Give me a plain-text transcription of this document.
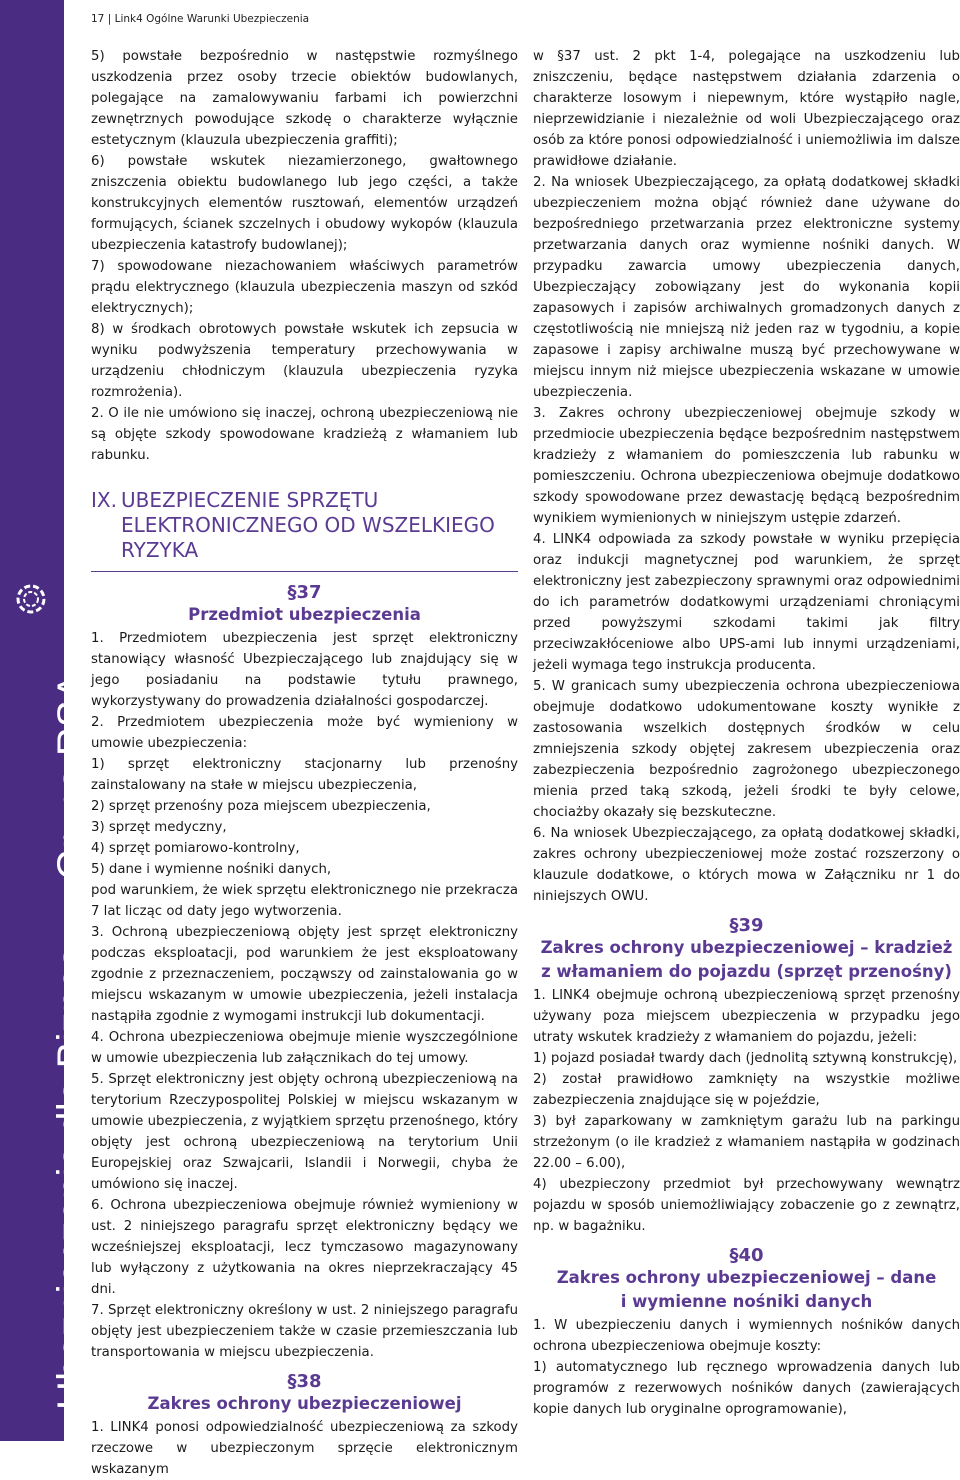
Ubezpieczenia dla Biznesu – Grupa RSA
17 | Link4 Ogólne Warunki Ubezpieczenia

5) powstałe bezpośrednio w następstwie rozmyślnego uszkodzenia przez osoby trzecie obiektów budowlanych, polegające na zamalowywaniu farbami ich powierzchni zewnętrznych powodujące szkodę o charakterze wyłącznie estetycznym (klauzula ubezpieczenia graffiti);

6) powstałe wskutek niezamierzonego, gwałtownego zniszczenia obiektu budowlanego lub jego części, a także konstrukcyjnych elementów rusztowań, elementów urządzeń formujących, ścianek szczelnych i obudowy wykopów (klauzula ubezpieczenia katastrofy budowlanej);

7) spowodowane niezachowaniem właściwych parametrów prądu elektrycznego (klauzula ubezpieczenia maszyn od szkód elektrycznych);

8) w środkach obrotowych powstałe wskutek ich zepsucia w wyniku podwyższenia temperatury przechowywania w urządzeniu chłodniczym (klauzula ubezpieczenia ryzyka rozmrożenia).

2. O ile nie umówiono się inaczej, ochroną ubezpieczeniową nie są objęte szkody spowodowane kradzieżą z włamaniem lub rabunku.

IX. UBEZPIECZENIE SPRZĘTU
ELEKTRONICZNEGO OD WSZELKIEGO
RYZYKA
§37
Przedmiot ubezpieczenia

1. Przedmiotem ubezpieczenia jest sprzęt elektroniczny stanowiący własność Ubezpieczającego lub znajdujący się w jego posiadaniu na podstawie tytułu prawnego, wykorzystywany do prowadzenia działalności gospodarczej.

2. Przedmiotem ubezpieczenia może być wymieniony w umowie ubezpieczenia:

1) sprzęt elektroniczny stacjonarny lub przenośny zainstalowany na stałe w miejscu ubezpieczenia,

2) sprzęt przenośny poza miejscem ubezpieczenia,

3) sprzęt medyczny,

4) sprzęt pomiarowo-kontrolny,

5) dane i wymienne nośniki danych,

pod warunkiem, że wiek sprzętu elektronicznego nie przekracza 7 lat licząc od daty jego wytworzenia.

3. Ochroną ubezpieczeniową objęty jest sprzęt elektroniczny podczas eksploatacji, pod warunkiem że jest eksploatowany zgodnie z przeznaczeniem, począwszy od zainstalowania go w miejscu wskazanym w umowie ubezpieczenia, jeżeli instalacja nastąpiła zgodnie z wymogami instrukcji lub dokumentacji.

4. Ochrona ubezpieczeniowa obejmuje mienie wyszczególnione w umowie ubezpieczenia lub załącznikach do tej umowy.

5. Sprzęt elektroniczny jest objęty ochroną ubezpieczeniową na terytorium Rzeczypospolitej Polskiej w miejscu wskazanym w umowie ubezpieczenia, z wyjątkiem sprzętu przenośnego, który objęty jest ochroną ubezpieczeniową na terytorium Unii Europejskiej oraz Szwajcarii, Islandii i Norwegii, chyba że umówiono się inaczej.

6. Ochrona ubezpieczeniowa obejmuje również wymieniony w ust. 2 niniejszego paragrafu sprzęt elektroniczny będący we wcześniejszej eksploatacji, lecz tymczasowo magazynowany lub wyłączony z użytkowania na okres nieprzekraczający 45 dni.

7. Sprzęt elektroniczny określony w ust. 2 niniejszego paragrafu objęty jest ubezpieczeniem także w czasie przemieszczania lub transportowania w miejscu ubezpieczenia.

§38
Zakres ochrony ubezpieczeniowej

1. LINK4 ponosi odpowiedzialność ubezpieczeniową za szkody rzeczowe w ubezpieczonym sprzęcie elektronicznym wskazanym

w §37 ust. 2 pkt 1-4, polegające na uszkodzeniu lub zniszczeniu, będące następstwem działania zdarzenia o charakterze losowym i niepewnym, które wystąpiło nagle, nieprzewidzianie i niezależnie od woli Ubezpieczającego oraz osób za które ponosi odpowiedzialność i uniemożliwia im dalsze prawidłowe działanie.

2. Na wniosek Ubezpieczającego, za opłatą dodatkowej składki ubezpieczeniem można objąć również dane używane do bezpośredniego przetwarzania przez elektroniczne systemy przetwarzania danych oraz wymienne nośniki danych. W przypadku zawarcia umowy ubezpieczenia danych, Ubezpieczający zobowiązany jest do wykonania kopii zapasowych i zapisów archiwalnych gromadzonych danych z częstotliwością nie mniejszą niż jeden raz w tygodniu, a kopie zapasowe i zapisy archiwalne muszą być przechowywane w miejscu innym niż miejsce ubezpieczenia wskazane w umowie ubezpieczenia.

3. Zakres ochrony ubezpieczeniowej obejmuje szkody w przedmiocie ubezpieczenia będące bezpośrednim następstwem kradzieży z włamaniem do pomieszczenia lub rabunku w pomieszczeniu. Ochrona ubezpieczeniowa obejmuje dodatkowo szkody spowodowane przez dewastację będącą bezpośrednim wynikiem wymienionych w niniejszym ustępie zdarzeń.

4. LINK4 odpowiada za szkody powstałe w wyniku przepięcia oraz indukcji magnetycznej pod warunkiem, że sprzęt elektroniczny jest zabezpieczony sprawnymi oraz odpowiednimi do ich parametrów dodatkowymi urządzeniami chroniącymi przed powyższymi szkodami takimi jak filtry przeciwzakłóceniowe albo UPS-ami lub innymi urządzeniami, jeżeli wymaga tego instrukcja producenta.

5. W granicach sumy ubezpieczenia ochrona ubezpieczeniowa obejmuje dodatkowo udokumentowane koszty wynikłe z zastosowania wszelkich dostępnych środków w celu zmniejszenia szkody objętej zakresem ubezpieczenia oraz zabezpieczenia bezpośrednio zagrożonego ubezpieczonego mienia przed taką szkodą, jeżeli środki te były celowe, chociażby okazały się bezskuteczne.

6. Na wniosek Ubezpieczającego, za opłatą dodatkowej składki, zakres ochrony ubezpieczeniowej może zostać rozszerzony o klauzule dodatkowe, o których mowa w Załączniku nr 1 do niniejszych OWU.

§39
Zakres ochrony ubezpieczeniowej – kradzież
z włamaniem do pojazdu (sprzęt przenośny)

1. LINK4 obejmuje ochroną ubezpieczeniową sprzęt przenośny używany poza miejscem ubezpieczenia w przypadku jego utraty wskutek kradzieży z włamaniem do pojazdu, jeżeli:

1) pojazd posiadał twardy dach (jednolitą sztywną konstrukcję),

2) został prawidłowo zamknięty na wszystkie możliwe zabezpieczenia znajdujące się w pojeździe,

3) był zaparkowany w zamkniętym garażu lub na parkingu strzeżonym (o ile kradzież z włamaniem nastąpiła w godzinach 22.00 – 6.00),

4) ubezpieczony przedmiot był przechowywany wewnątrz pojazdu w sposób uniemożliwiający zobaczenie go z zewnątrz, np. w bagażniku.

§40
Zakres ochrony ubezpieczeniowej – dane
i wymienne nośniki danych

1. W ubezpieczeniu danych i wymiennych nośników danych ochrona ubezpieczeniowa obejmuje koszty:

1) automatycznego lub ręcznego wprowadzenia danych lub programów z rezerwowych nośników danych (zawierających kopie danych lub oryginalne oprogramowanie),
